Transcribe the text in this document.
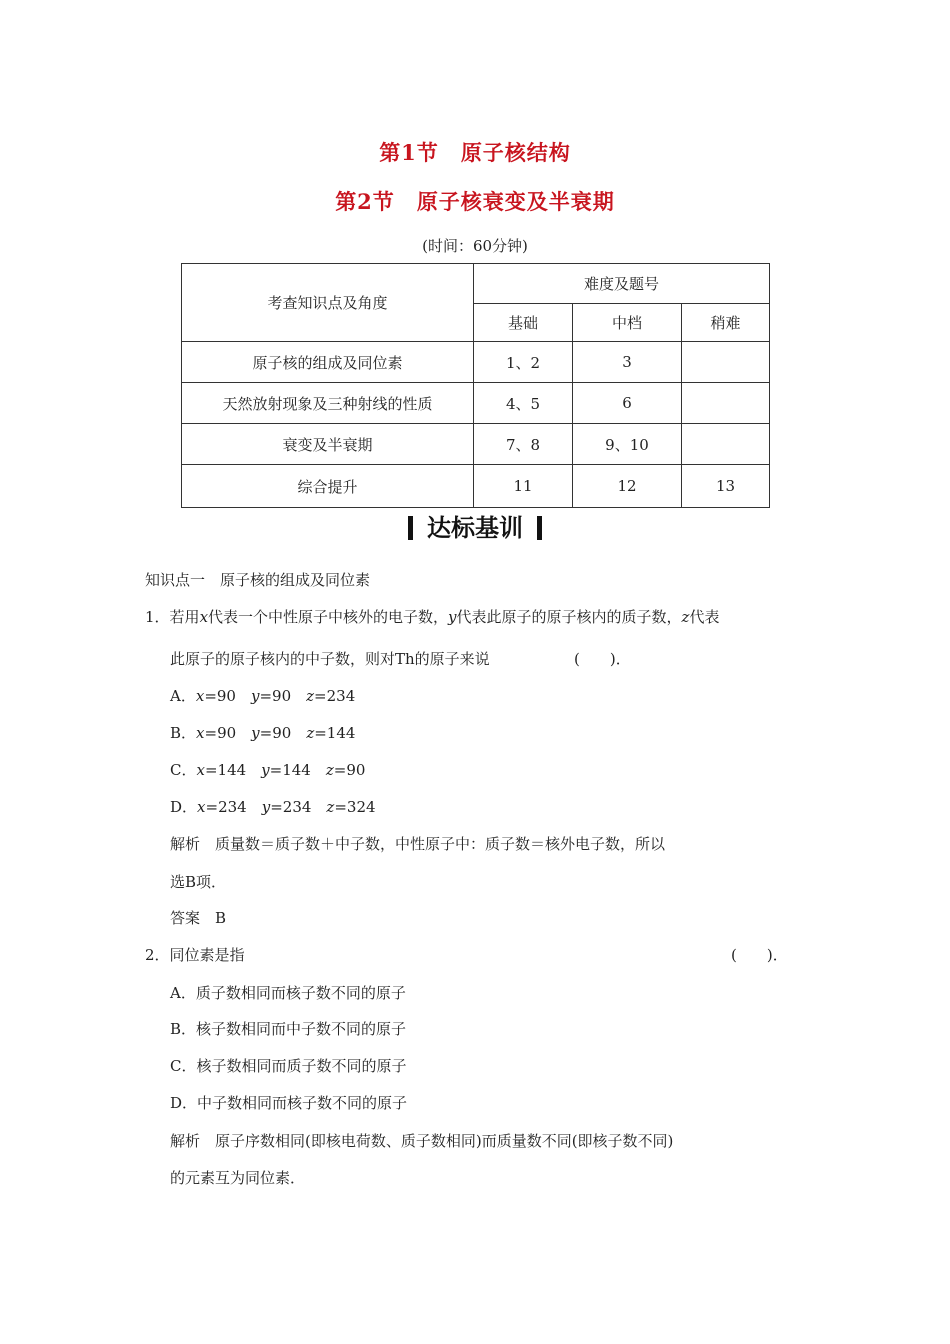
第1节 原子核结构
第2节 原子核衰变及半衰期
(时间：60分钟)
考查知识点及角度	难度及题号		
	基础	中档	稍难
原子核的组成及同位素	1、2	3	
天然放射现象及三种射线的性质	4、5	6	
衰变及半衰期	7、8	9、10	
综合提升	11	12	13
达标基训
知识点一　原子核的组成及同位素
1．若用x代表一个中性原子中核外的电子数，y代表此原子的原子核内的质子数，z代表
此原子的原子核内的中子数，则对Th的原子来说	(　　)．
A．x=90　 y=90　 z=234
B．x=90　 y=90　 z=144
C．x=144　 y=144　 z=90
D．x=234　 y=234　 z=324
解析　质量数＝质子数＋中子数，中性原子中：质子数＝核外电子数，所以
选B项．
答案　B
2．同位素是指	(　　)．
A．质子数相同而核子数不同的原子
B．核子数相同而中子数不同的原子
C．核子数相同而质子数不同的原子
D．中子数相同而核子数不同的原子
解析　原子序数相同(即核电荷数、质子数相同)而质量数不同(即核子数不同)
的元素互为同位素．
